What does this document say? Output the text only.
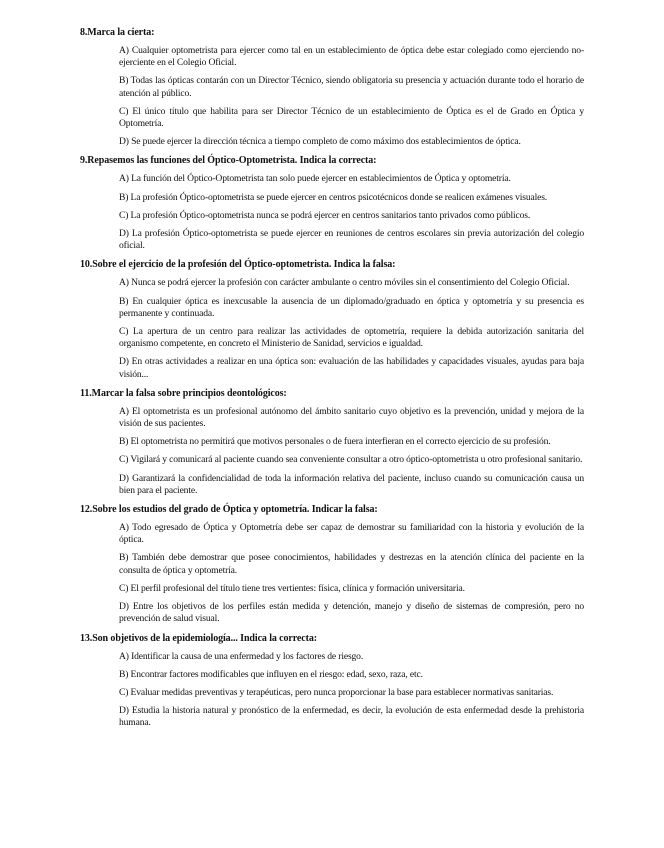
8.Marca la cierta:

A) Cualquier optometrista para ejercer como tal en un establecimiento de óptica debe estar colegiado como ejerciendo no-ejerciente en el Colegio Oficial.
B) Todas las ópticas contarán con un Director Técnico, siendo obligatoria su presencia y actuación durante todo el horario de atención al público.
C) El único título que habilita para ser Director Técnico de un establecimiento de Óptica es el de Grado en Óptica y Optometría.
D) Se puede ejercer la dirección técnica a tiempo completo de como máximo dos establecimientos de óptica.

9.Repasemos las funciones del Óptico-Optometrista. Indica la correcta:

A) La función del Óptico-Optometrista tan solo puede ejercer en establecimientos de Óptica y optometría.
B) La profesión Óptico-optometrista se puede ejercer en centros psicotécnicos donde se realicen exámenes visuales.
C) La profesión Óptico-optometrista nunca se podrá ejercer en centros sanitarios tanto privados como públicos.
D) La profesión Óptico-optometrista se puede ejercer en reuniones de centros escolares sin previa autorización del colegio oficial.

10.Sobre el ejercicio de la profesión del Óptico-optometrista. Indica la falsa:

A) Nunca se podrá ejercer la profesión con carácter ambulante o centro móviles sin el consentimiento del Colegio Oficial.
B) En cualquier óptica es inexcusable la ausencia de un diplomado/graduado en óptica y optometría y su presencia es permanente y continuada.
C) La apertura de un centro para realizar las actividades de optometría, requiere la debida autorización sanitaria del organismo competente, en concreto el Ministerio de Sanidad, servicios e igualdad.
D) En otras actividades a realizar en una óptica son: evaluación de las habilidades y capacidades visuales, ayudas para baja visión...

11.Marcar la falsa sobre principios deontológicos:

A) El optometrista es un profesional autónomo del ámbito sanitario cuyo objetivo es la prevención, unidad y mejora de la visión de sus pacientes.
B) El optometrista no permitirá que motivos personales o de fuera interfieran en el correcto ejercicio de su profesión.
C) Vigilará y comunicará al paciente cuando sea conveniente consultar a otro óptico-optometrista u otro profesional sanitario.
D) Garantizará la confidencialidad de toda la información relativa del paciente, incluso cuando su comunicación causa un bien para el paciente.

12.Sobre los estudios del grado de Óptica y optometría. Indicar la falsa:

A) Todo egresado de Óptica y Optometría debe ser capaz de demostrar su familiaridad con la historia y evolución de la óptica.
B) También debe demostrar que posee conocimientos, habilidades y destrezas en la atención clínica del paciente en la consulta de óptica y optometría.
C) El perfil profesional del título tiene tres vertientes: física, clínica y formación universitaria.
D) Entre los objetivos de los perfiles están medida y detención, manejo y diseño de sistemas de compresión, pero no prevención de salud visual.

13.Son objetivos de la epidemiología... Indica la correcta:

A) Identificar la causa de una enfermedad y los factores de riesgo.
B) Encontrar factores modificables que influyen en el riesgo: edad, sexo, raza, etc.
C) Evaluar medidas preventivas y terapéuticas, pero nunca proporcionar la base para establecer normativas sanitarias.
D) Estudia la historia natural y pronóstico de la enfermedad, es decir, la evolución de esta enfermedad desde la prehistoria humana.
